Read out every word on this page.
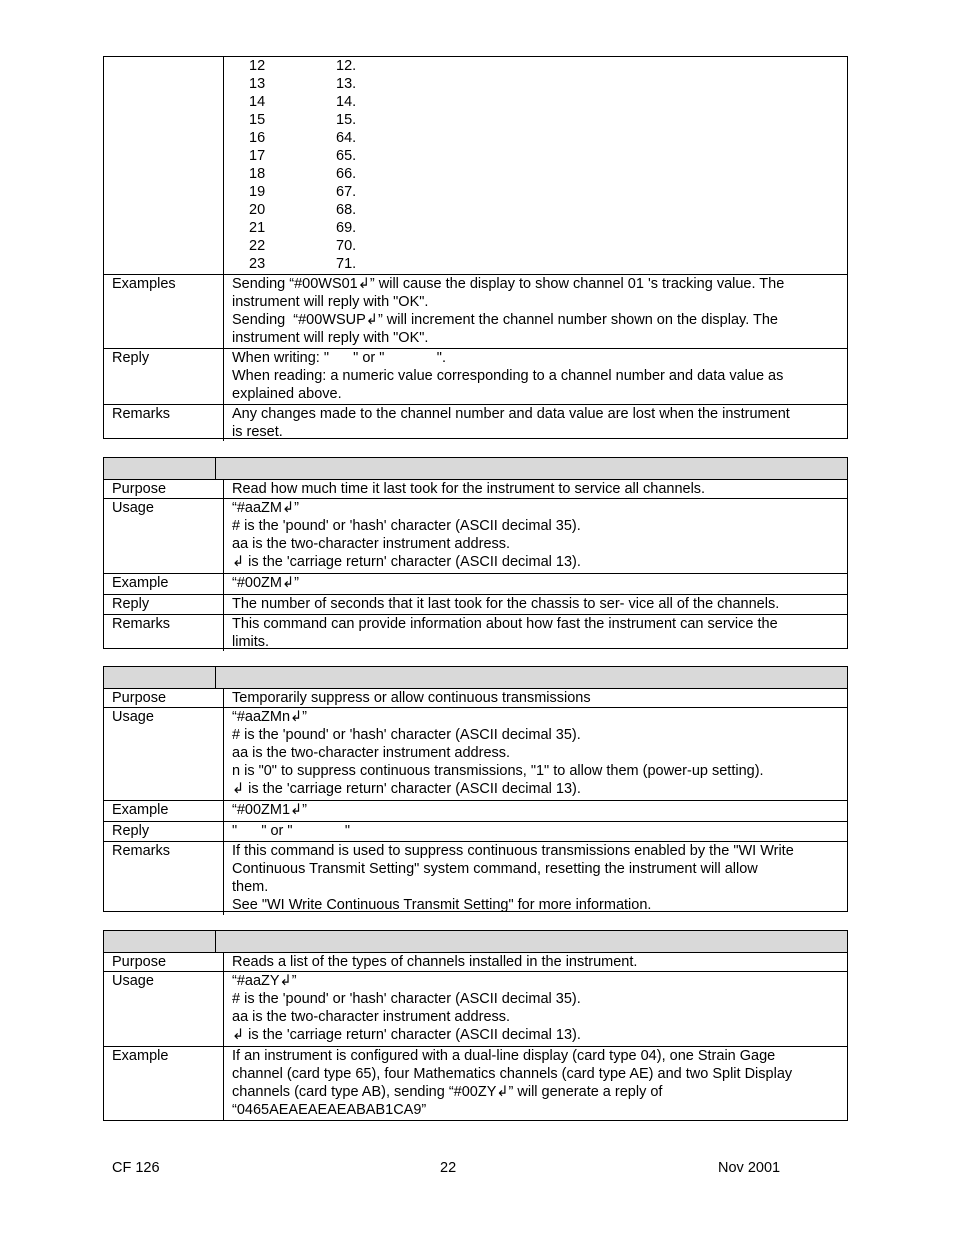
12	12.
13	13.
14	14.
15	15.
16	64.
17	65.
18	66.
19	67.
20	68.
21	69.
22	70.
23	71.
Examples	Sending “#00WS01↲” will cause the display to show channel 01 's tracking value. The
instrument will reply with "OK".
Sending  “#00WSUP↲” will increment the channel number shown on the display. The
instrument will reply with "OK".
Reply	When writing: "      " or "             ".
When reading: a numeric value corresponding to a channel number and data value as
explained above.
Remarks	Any changes made to the channel number and data value are lost when the instrument
is reset.
Purpose	Read how much time it last took for the instrument to service all channels.
Usage	“#aaZM↲”
# is the 'pound' or 'hash' character (ASCII decimal 35).
aa is the two-character instrument address.
↲ is the 'carriage return' character (ASCII decimal 13).
Example	“#00ZM↲”
Reply	The number of seconds that it last took for the chassis to ser- vice all of the channels.
Remarks	This command can provide information about how fast the instrument can service the
limits.
Purpose	Temporarily suppress or allow continuous transmissions
Usage	“#aaZMn↲”
# is the 'pound' or 'hash' character (ASCII decimal 35).
aa is the two-character instrument address.
n is "0" to suppress continuous transmissions, "1" to allow them (power-up setting).
↲ is the 'carriage return' character (ASCII decimal 13).
Example	“#00ZM1↲”
Reply	"      " or "             "
Remarks	If this command is used to suppress continuous transmissions enabled by the "WI Write
Continuous Transmit Setting" system command, resetting the instrument will allow
them.
See "WI Write Continuous Transmit Setting" for more information.
Purpose	Reads a list of the types of channels installed in the instrument.
Usage	“#aaZY↲”
# is the 'pound' or 'hash' character (ASCII decimal 35).
aa is the two-character instrument address.
↲ is the 'carriage return' character (ASCII decimal 13).
Example	If an instrument is configured with a dual-line display (card type 04), one Strain Gage
channel (card type 65), four Mathematics channels (card type AE) and two Split Display
channels (card type AB), sending “#00ZY↲” will generate a reply of
“0465AEAEAEAEABAB1CA9”
CF 126	22	Nov 2001
